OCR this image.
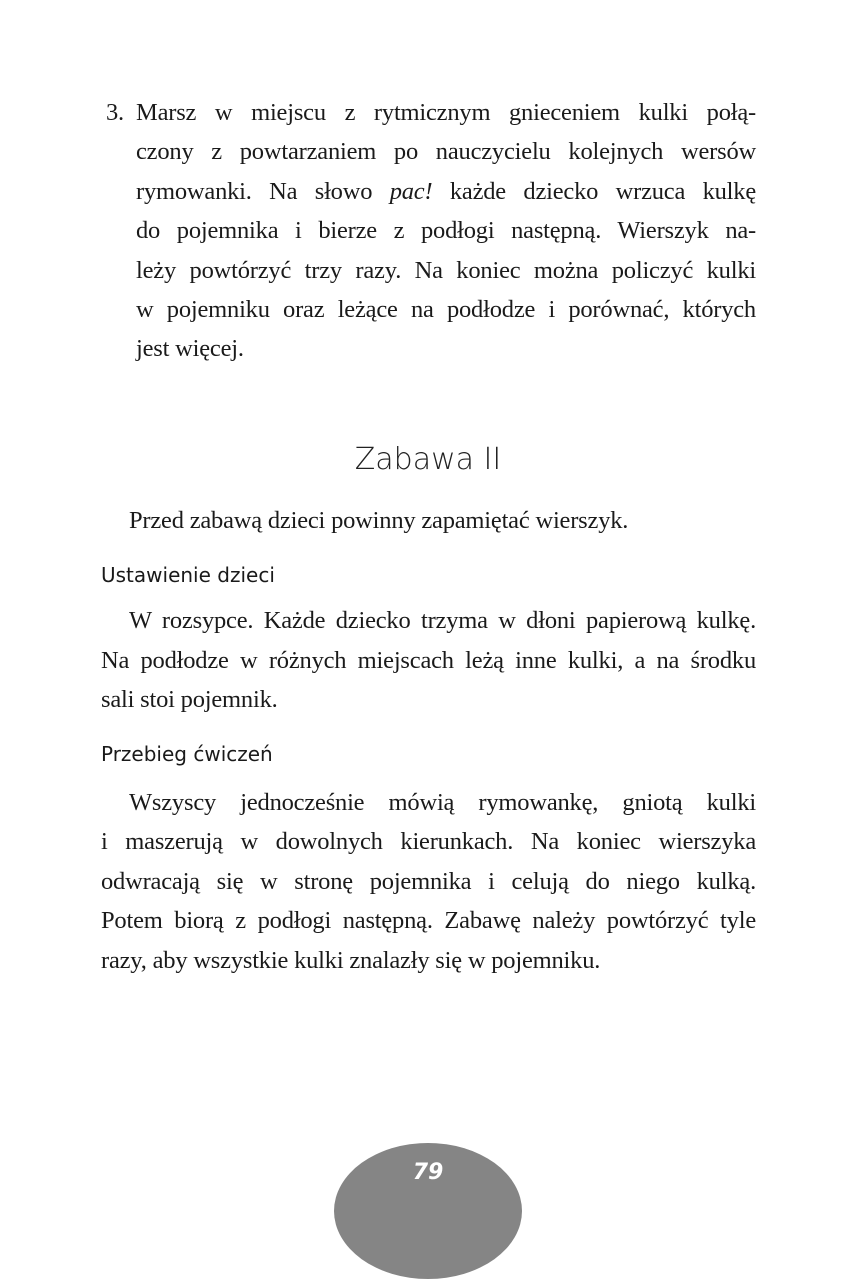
3. Marsz w miejscu z rytmicznym gnieceniem kulki połą-
czony z powtarzaniem po nauczycielu kolejnych wersów
rymowanki. Na słowo pac! każde dziecko wrzuca kulkę
do pojemnika i bierze z podłogi następną. Wierszyk na-
leży powtórzyć trzy razy. Na koniec można policzyć kulki
w pojemniku oraz leżące na podłodze i porównać, których
jest więcej.
Zabawa II
Przed zabawą dzieci powinny zapamiętać wierszyk.
Ustawienie dzieci
W rozsypce. Każde dziecko trzyma w dłoni papierową kulkę.
Na podłodze w różnych miejscach leżą inne kulki, a na środku
sali stoi pojemnik.
Przebieg ćwiczeń
Wszyscy jednocześnie mówią rymowankę, gniotą kulki
i maszerują w dowolnych kierunkach. Na koniec wierszyka
odwracają się w stronę pojemnika i celują do niego kulką.
Potem biorą z podłogi następną. Zabawę należy powtórzyć tyle
razy, aby wszystkie kulki znalazły się w pojemniku.
79
